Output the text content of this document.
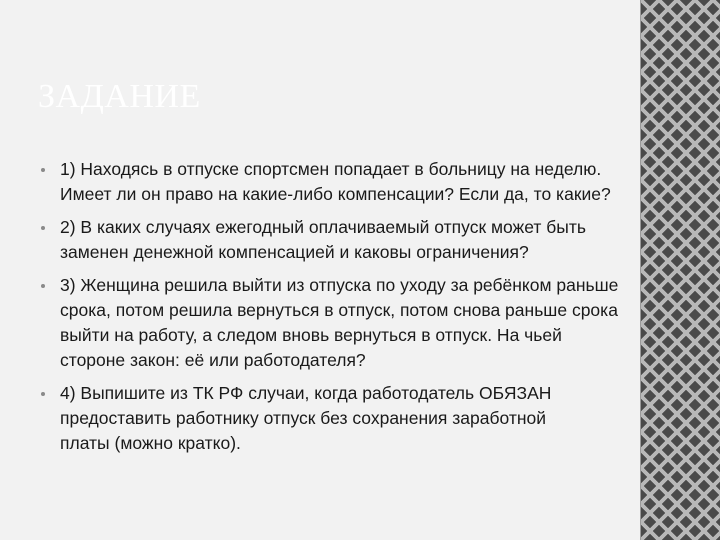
ЗАДАНИЕ
1) Находясь в отпуске спортсмен попадает в больницу на неделю. Имеет ли он право на какие-либо компенсации? Если да, то какие?
2) В каких случаях ежегодный оплачиваемый отпуск может быть заменен денежной компенсацией и каковы ограничения?
3) Женщина решила выйти из отпуска по уходу за ребёнком раньше срока, потом решила вернуться в отпуск, потом снова раньше срока выйти на работу, а следом вновь вернуться в отпуск. На чьей стороне закон: её или работодателя?
4) Выпишите из ТК РФ случаи, когда работодатель ОБЯЗАН предоставить работнику отпуск без сохранения заработной платы (можно кратко).
